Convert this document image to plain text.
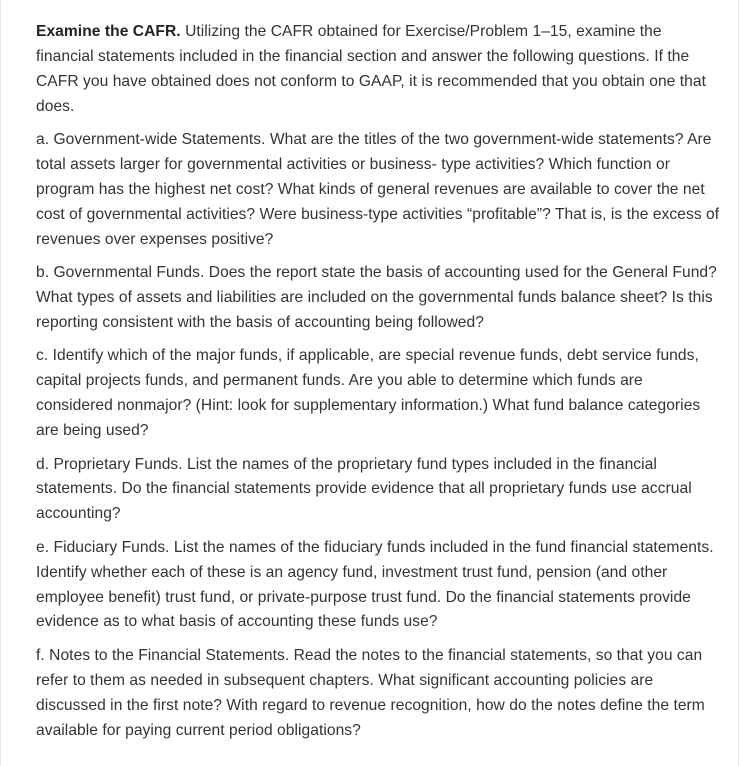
Examine the CAFR. Utilizing the CAFR obtained for Exercise/Problem 1–15, examine the financial statements included in the financial section and answer the following questions. If the CAFR you have obtained does not conform to GAAP, it is recommended that you obtain one that does.

a. Government-wide Statements. What are the titles of the two government-wide statements? Are total assets larger for governmental activities or business- type activities? Which function or program has the highest net cost? What kinds of general revenues are available to cover the net cost of governmental activities? Were business-type activities “profitable”? That is, is the excess of revenues over expenses positive?

b. Governmental Funds. Does the report state the basis of accounting used for the General Fund? What types of assets and liabilities are included on the governmental funds balance sheet? Is this reporting consistent with the basis of accounting being followed?

c. Identify which of the major funds, if applicable, are special revenue funds, debt service funds, capital projects funds, and permanent funds. Are you able to determine which funds are considered nonmajor? (Hint: look for supplementary information.) What fund balance categories are being used?

d. Proprietary Funds. List the names of the proprietary fund types included in the financial statements. Do the financial statements provide evidence that all proprietary funds use accrual accounting?

e. Fiduciary Funds. List the names of the fiduciary funds included in the fund financial statements. Identify whether each of these is an agency fund, investment trust fund, pension (and other employee benefit) trust fund, or private-purpose trust fund. Do the financial statements provide evidence as to what basis of accounting these funds use?

f. Notes to the Financial Statements. Read the notes to the financial statements, so that you can refer to them as needed in subsequent chapters. What significant accounting policies are discussed in the first note? With regard to revenue recognition, how do the notes define the term available for paying current period obligations?
